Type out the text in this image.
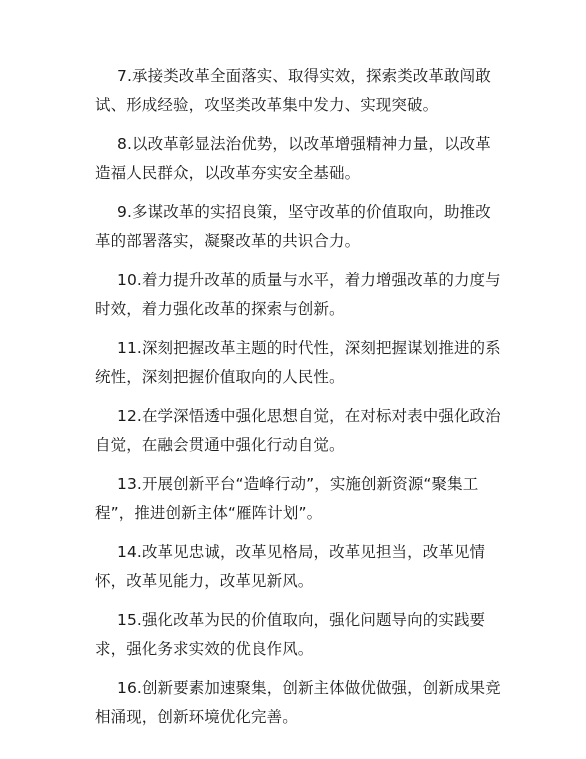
7.承接类改革全面落实、取得实效，探索类改革敢闯敢试、形成经验，攻坚类改革集中发力、实现突破。

8.以改革彰显法治优势，以改革增强精神力量，以改革造福人民群众，以改革夯实安全基础。

9.多谋改革的实招良策，坚守改革的价值取向，助推改革的部署落实，凝聚改革的共识合力。

10.着力提升改革的质量与水平，着力增强改革的力度与时效，着力强化改革的探索与创新。

11.深刻把握改革主题的时代性，深刻把握谋划推进的系统性，深刻把握价值取向的人民性。

12.在学深悟透中强化思想自觉，在对标对表中强化政治自觉，在融会贯通中强化行动自觉。

13.开展创新平台“造峰行动”，实施创新资源“聚集工程”，推进创新主体“雁阵计划”。

14.改革见忠诚，改革见格局，改革见担当，改革见情怀，改革见能力，改革见新风。

15.强化改革为民的价值取向，强化问题导向的实践要求，强化务求实效的优良作风。

16.创新要素加速聚集，创新主体做优做强，创新成果竞相涌现，创新环境优化完善。
